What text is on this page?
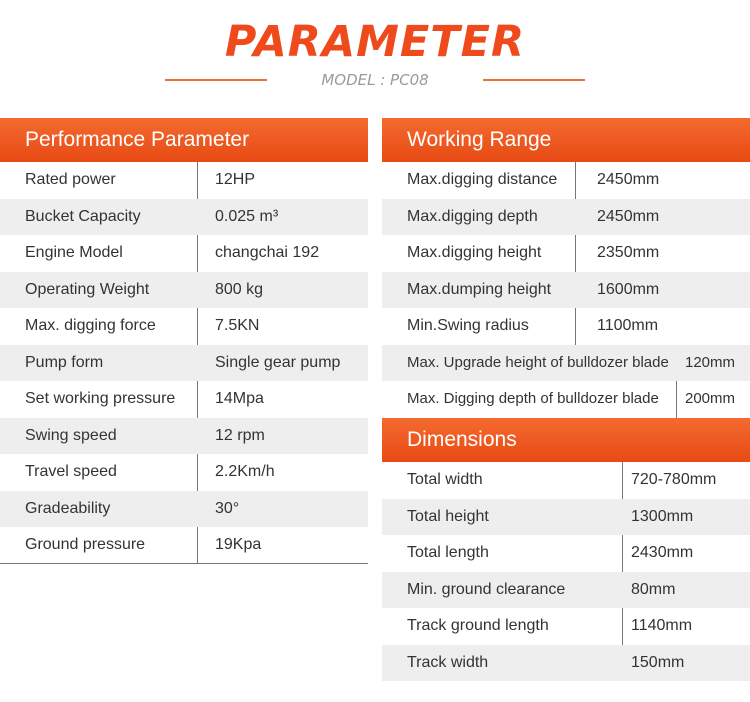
PARAMETER
MODEL : PC08
Performance Parameter
Rated power	12HP
Bucket Capacity	0.025 m³
Engine Model	changchai 192
Operating Weight	800 kg
Max. digging force	7.5KN
Pump form	Single gear pump
Set working pressure 14Mpa
Swing speed	12 rpm
Travel speed	2.2Km/h
Gradeability	30°
Ground pressure	19Kpa
Working Range
Max.digging distance 2450mm
Max.digging depth	2450mm
Max.digging height	2350mm
Max.dumping height	1600mm
Min.Swing radius	1100mm
Max. Upgrade height of bulldozer blade 120mm
Max. Digging depth of bulldozer blade 200mm
Dimensions
Total width	720-780mm
Total height	1300mm
Total length	2430mm
Min. ground clearance	80mm
Track ground length	1140mm
Track width	150mm
